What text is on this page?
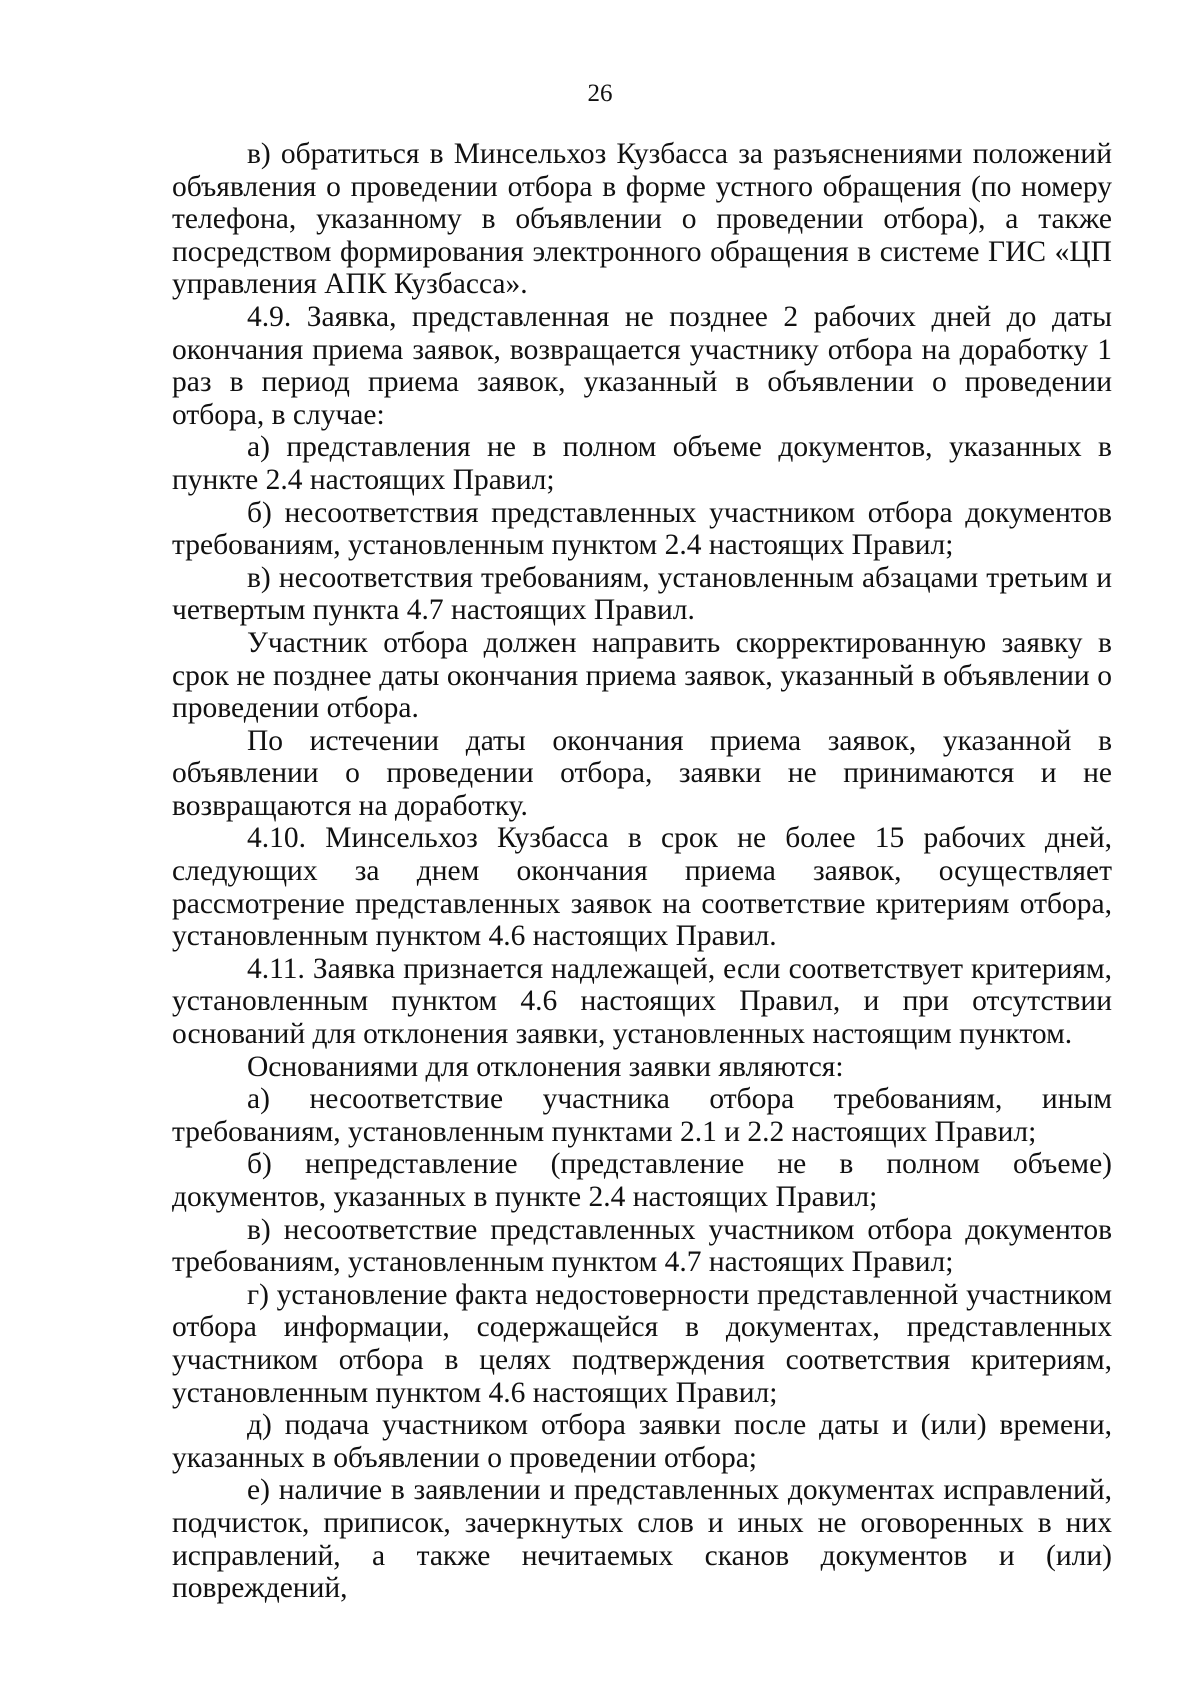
26

в) обратиться в Минсельхоз Кузбасса за разъяснениями положений объявления о проведении отбора в форме устного обращения (по номеру телефона, указанному в объявлении о проведении отбора), а также посредством формирования электронного обращения в системе ГИС «ЦП управления АПК Кузбасса».

4.9. Заявка, представленная не позднее 2 рабочих дней до даты окончания приема заявок, возвращается участнику отбора на доработку 1 раз в период приема заявок, указанный в объявлении о проведении отбора, в случае:

а) представления не в полном объеме документов, указанных в пункте 2.4 настоящих Правил;

б) несоответствия представленных участником отбора документов требованиям, установленным пунктом 2.4 настоящих Правил;

в) несоответствия требованиям, установленным абзацами третьим и четвертым пункта 4.7 настоящих Правил.

Участник отбора должен направить скорректированную заявку в срок не позднее даты окончания приема заявок, указанный в объявлении о проведении отбора.

По истечении даты окончания приема заявок, указанной в объявлении о проведении отбора, заявки не принимаются и не возвращаются на доработку.

4.10. Минсельхоз Кузбасса в срок не более 15 рабочих дней, следующих за днем окончания приема заявок, осуществляет рассмотрение представленных заявок на соответствие критериям отбора, установленным пунктом 4.6 настоящих Правил.

4.11. Заявка признается надлежащей, если соответствует критериям, установленным пунктом 4.6 настоящих Правил, и при отсутствии оснований для отклонения заявки, установленных настоящим пунктом.

Основаниями для отклонения заявки являются:

а) несоответствие участника отбора требованиям, иным требованиям, установленным пунктами 2.1 и 2.2 настоящих Правил;

б) непредставление (представление не в полном объеме) документов, указанных в пункте 2.4 настоящих Правил;

в) несоответствие представленных участником отбора документов требованиям, установленным пунктом 4.7 настоящих Правил;

г) установление факта недостоверности представленной участником отбора информации, содержащейся в документах, представленных участником отбора в целях подтверждения соответствия критериям, установленным пунктом 4.6 настоящих Правил;

д) подача участником отбора заявки после даты и (или) времени, указанных в объявлении о проведении отбора;

е) наличие в заявлении и представленных документах исправлений, подчисток, приписок, зачеркнутых слов и иных не оговоренных в них исправлений, а также нечитаемых сканов документов и (или) повреждений,
